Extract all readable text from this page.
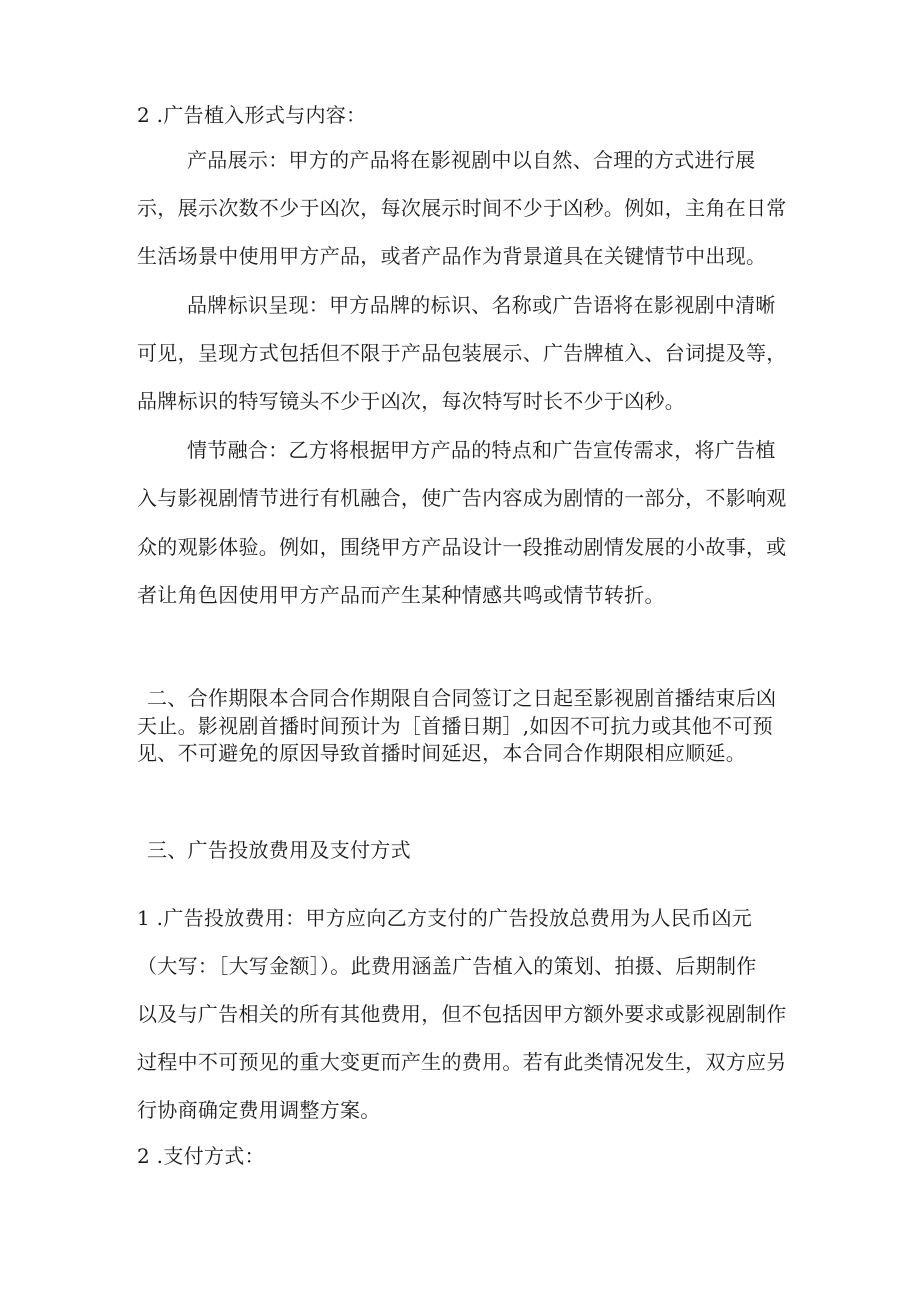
2 .广告植入形式与内容：
产品展示：甲方的产品将在影视剧中以自然、合理的方式进行展
示，展示次数不少于凶次，每次展示时间不少于凶秒。例如，主角在日常
生活场景中使用甲方产品，或者产品作为背景道具在关键情节中出现。
品牌标识呈现：甲方品牌的标识、名称或广告语将在影视剧中清晰
可见，呈现方式包括但不限于产品包装展示、广告牌植入、台词提及等，
品牌标识的特写镜头不少于凶次，每次特写时长不少于凶秒。
情节融合：乙方将根据甲方产品的特点和广告宣传需求，将广告植
入与影视剧情节进行有机融合，使广告内容成为剧情的一部分，不影响观
众的观影体验。例如，围绕甲方产品设计一段推动剧情发展的小故事，或
者让角色因使用甲方产品而产生某种情感共鸣或情节转折。
二、合作期限本合同合作期限自合同签订之日起至影视剧首播结束后凶
天止。影视剧首播时间预计为［首播日期］,如因不可抗力或其他不可预
见、不可避免的原因导致首播时间延迟，本合同合作期限相应顺延。
三、广告投放费用及支付方式
1 .广告投放费用：甲方应向乙方支付的广告投放总费用为人民币凶元
（大写：［大写金额］）。此费用涵盖广告植入的策划、拍摄、后期制作
以及与广告相关的所有其他费用，但不包括因甲方额外要求或影视剧制作
过程中不可预见的重大变更而产生的费用。若有此类情况发生，双方应另
行协商确定费用调整方案。
2 .支付方式：
